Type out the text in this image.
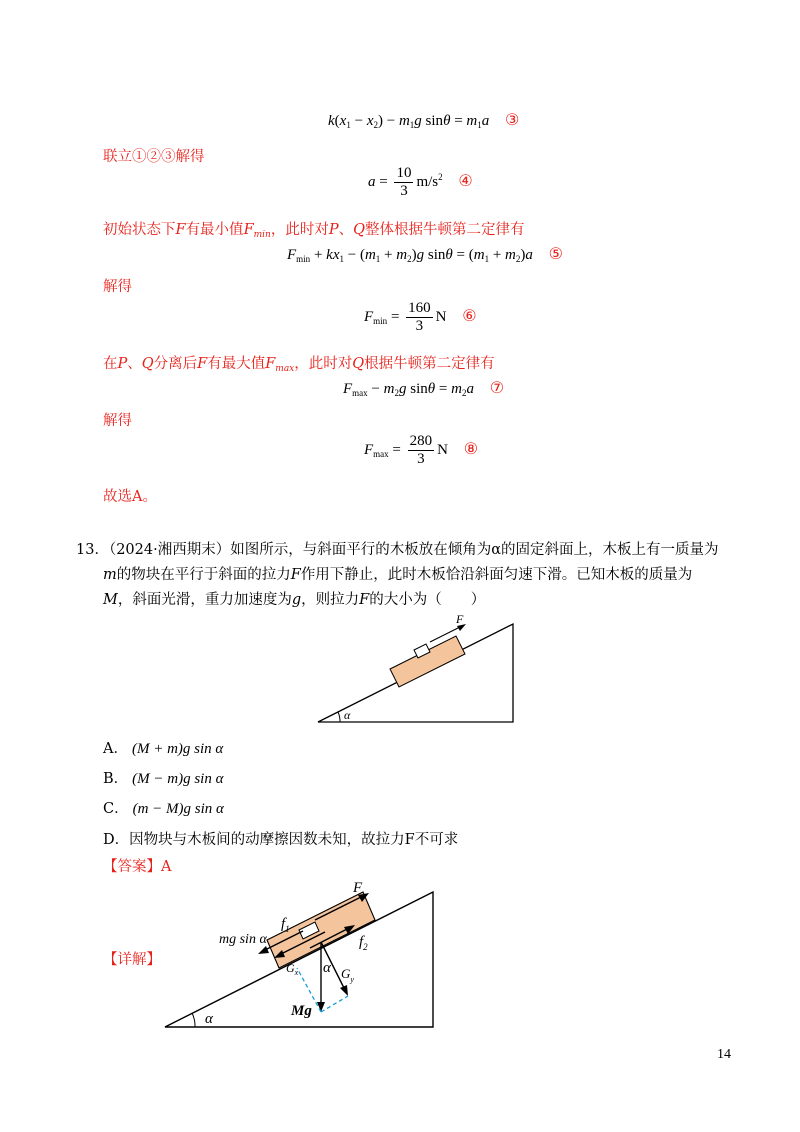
$k(x_1 - x_2) - m_1g$ $\sin\theta = m_1a$ ③
联立①②③解得
$a = \frac{10}{3} m/s^2$ ④
初始状态下F有最小值$F_{min}$，此时对P、Q整体根据牛顿第二定律有
$F_{min} + kx_1 - (m_1 + m_2)g$ $\sin\theta = (m_1 + m_2)a$ ⑤
解得
$F_{min} = \frac{160}{3}$ N ⑥
在P、Q分离后F有最大值$F_{max}$，此时对Q根据牛顿第二定律有
$F_{max} - m_2g$ $\sin\theta = m_2a$ ⑦
解得
$F_{max} = \frac{280}{3}$ N ⑧
故选A。
13．（2024·湘西期末）如图所示，与斜面平行的木板放在倾角为α的固定斜面上，木板上有一质量为
m的物块在平行于斜面的拉力F作用下静止，此时木板恰沿斜面匀速下滑。已知木板的质量为
M，斜面光滑，重力加速度为g，则拉力F的大小为（　　）
F
α
A． (M + m)g sin α
B． (M − m)g sin α
C． (m − M)g sin α
D．因物块与木板间的动摩擦因数未知，故拉力F不可求
【答案】A
【详解】
F
$f_1$
mg sin α	$f_2$
Mg
$G_y$
$G_x$ α
α
14
